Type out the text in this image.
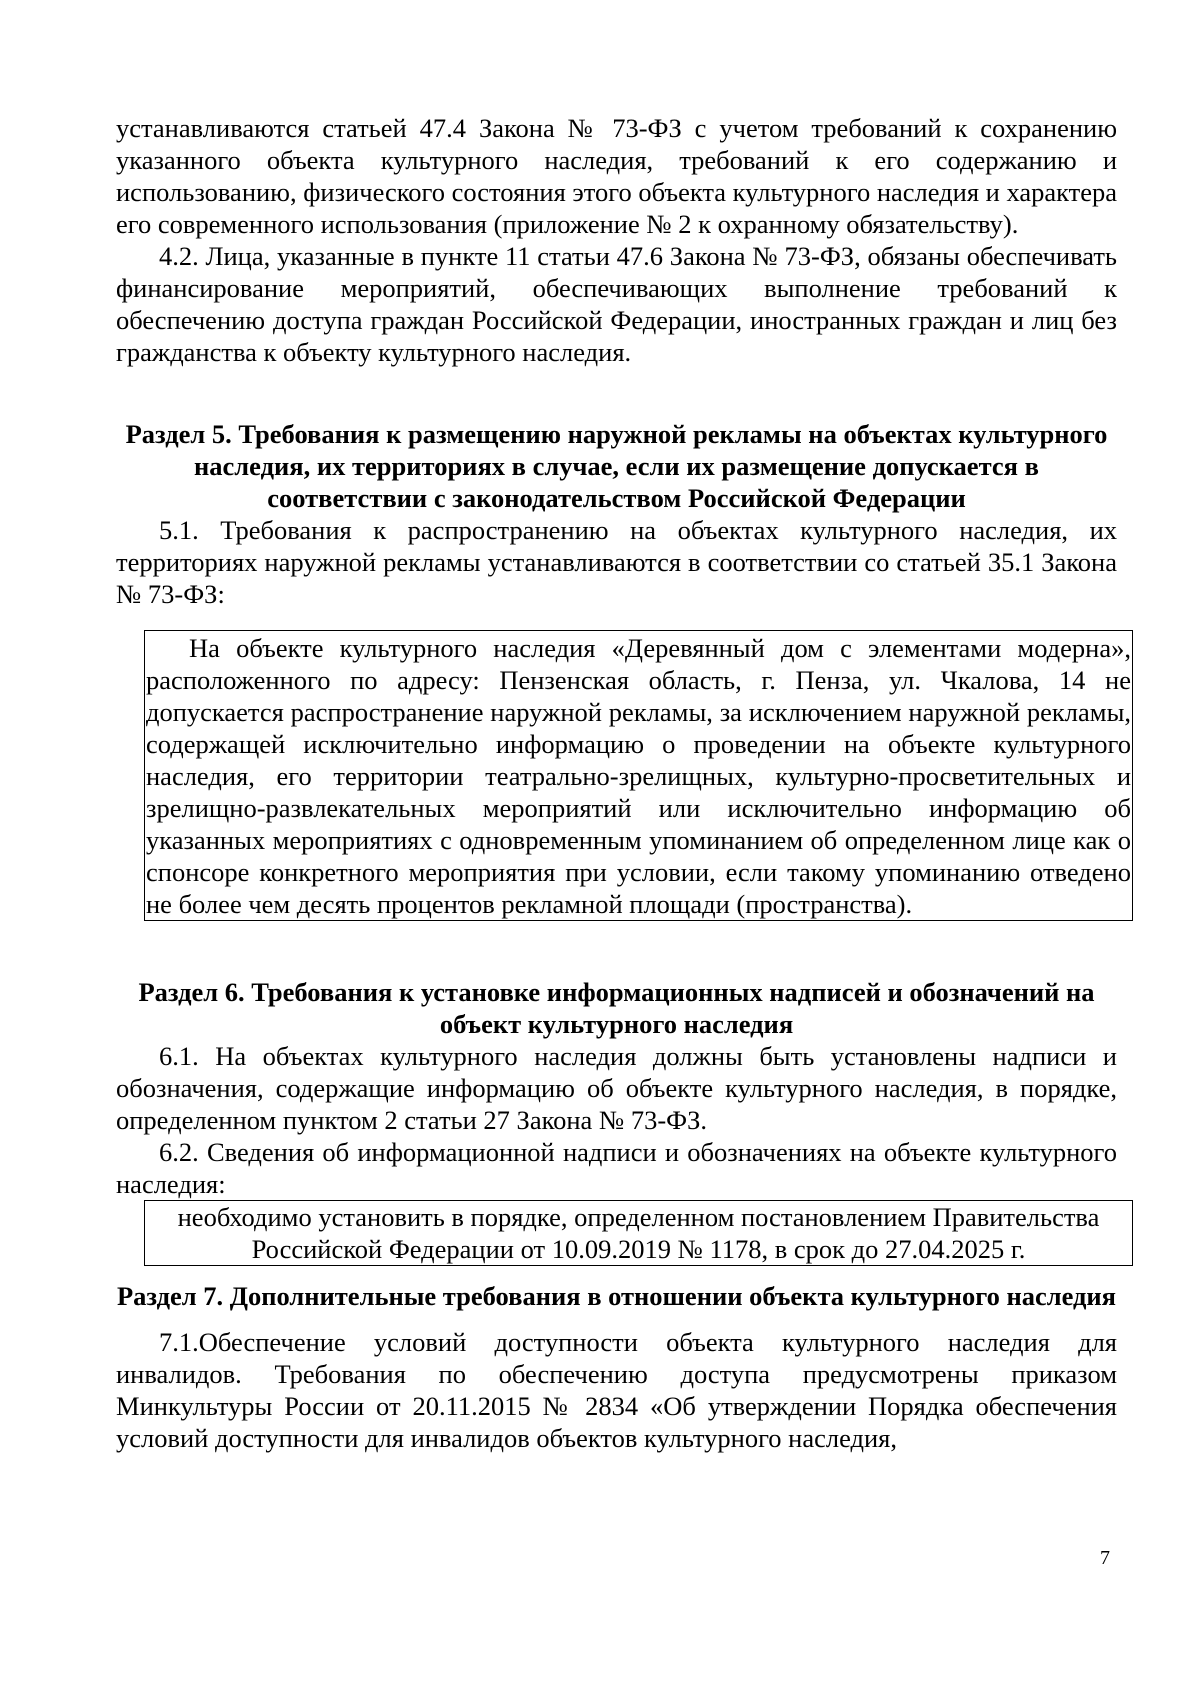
устанавливаются статьей 47.4 Закона № 73-ФЗ с учетом требований к сохранению указанного объекта культурного наследия, требований к его содержанию и использованию, физического состояния этого объекта культурного наследия и характера его современного использования (приложение № 2 к охранному обязательству).

4.2. Лица, указанные в пункте 11 статьи 47.6 Закона № 73-ФЗ, обязаны обеспечивать финансирование мероприятий, обеспечивающих выполнение требований к обеспечению доступа граждан Российской Федерации, иностранных граждан и лиц без гражданства к объекту культурного наследия.

Раздел 5. Требования к размещению наружной рекламы на объектах культурного наследия, их территориях в случае, если их размещение допускается в соответствии с законодательством Российской Федерации

5.1. Требования к распространению на объектах культурного наследия, их территориях наружной рекламы устанавливаются в соответствии со статьей 35.1 Закона № 73-ФЗ:

На объекте культурного наследия «Деревянный дом с элементами модерна», расположенного по адресу: Пензенская область, г. Пенза, ул. Чкалова, 14 не допускается распространение наружной рекламы, за исключением наружной рекламы, содержащей исключительно информацию о проведении на объекте культурного наследия, его территории театрально-зрелищных, культурно-просветительных и зрелищно-развлекательных мероприятий или исключительно информацию об указанных мероприятиях с одновременным упоминанием об определенном лице как о спонсоре конкретного мероприятия при условии, если такому упоминанию отведено не более чем десять процентов рекламной площади (пространства).

Раздел 6. Требования к установке информационных надписей и обозначений на объект культурного наследия

6.1. На объектах культурного наследия должны быть установлены надписи и обозначения, содержащие информацию об объекте культурного наследия, в порядке, определенном пунктом 2 статьи 27 Закона № 73-ФЗ.

6.2. Сведения об информационной надписи и обозначениях на объекте культурного наследия:

необходимо установить в порядке, определенном постановлением Правительства Российской Федерации от 10.09.2019 № 1178, в срок до 27.04.2025 г.

Раздел 7. Дополнительные требования в отношении объекта культурного наследия

7.1.Обеспечение условий доступности объекта культурного наследия для инвалидов. Требования по обеспечению доступа предусмотрены приказом Минкультуры России от 20.11.2015 № 2834 «Об утверждении Порядка обеспечения условий доступности для инвалидов объектов культурного наследия,

7
